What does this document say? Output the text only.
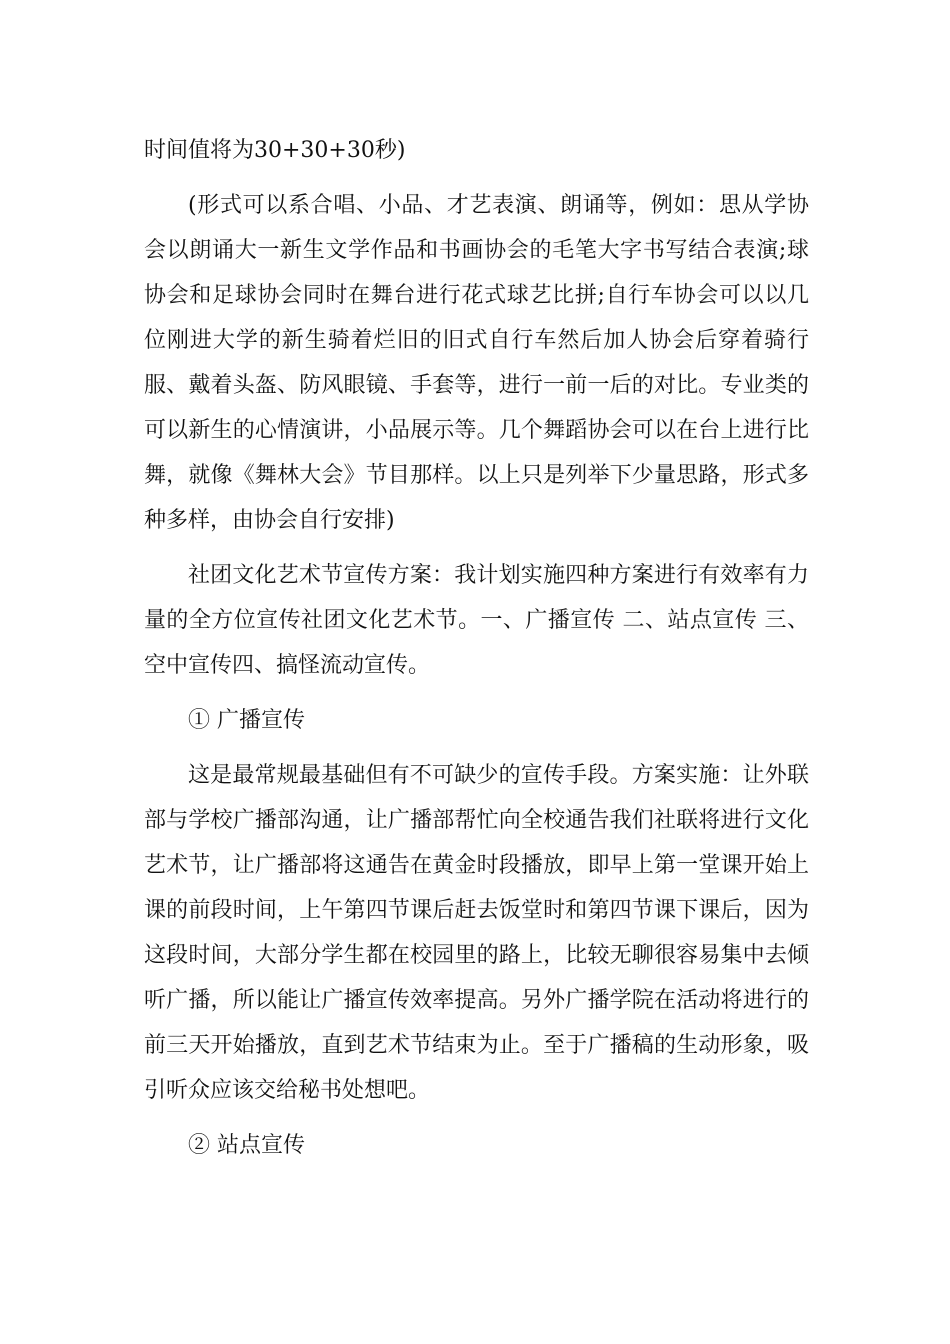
时间值将为30+30+30秒)

(形式可以系合唱、小品、才艺表演、朗诵等，例如：思从学协会以朗诵大一新生文学作品和书画协会的毛笔大字书写结合表演;球协会和足球协会同时在舞台进行花式球艺比拼;自行车协会可以以几位刚进大学的新生骑着烂旧的旧式自行车然后加人协会后穿着骑行服、戴着头盔、防风眼镜、手套等，进行一前一后的对比。专业类的可以新生的心情演讲，小品展示等。几个舞蹈协会可以在台上进行比舞，就像《舞林大会》节目那样。以上只是列举下少量思路，形式多种多样，由协会自行安排)

社团文化艺术节宣传方案：我计划实施四种方案进行有效率有力量的全方位宣传社团文化艺术节。一、广播宣传 二、站点宣传 三、空中宣传四、搞怪流动宣传。

① 广播宣传

这是最常规最基础但有不可缺少的宣传手段。方案实施：让外联部与学校广播部沟通，让广播部帮忙向全校通告我们社联将进行文化艺术节，让广播部将这通告在黄金时段播放，即早上第一堂课开始上课的前段时间，上午第四节课后赶去饭堂时和第四节课下课后，因为这段时间，大部分学生都在校园里的路上，比较无聊很容易集中去倾听广播，所以能让广播宣传效率提高。另外广播学院在活动将进行的前三天开始播放，直到艺术节结束为止。至于广播稿的生动形象，吸引听众应该交给秘书处想吧。

② 站点宣传
